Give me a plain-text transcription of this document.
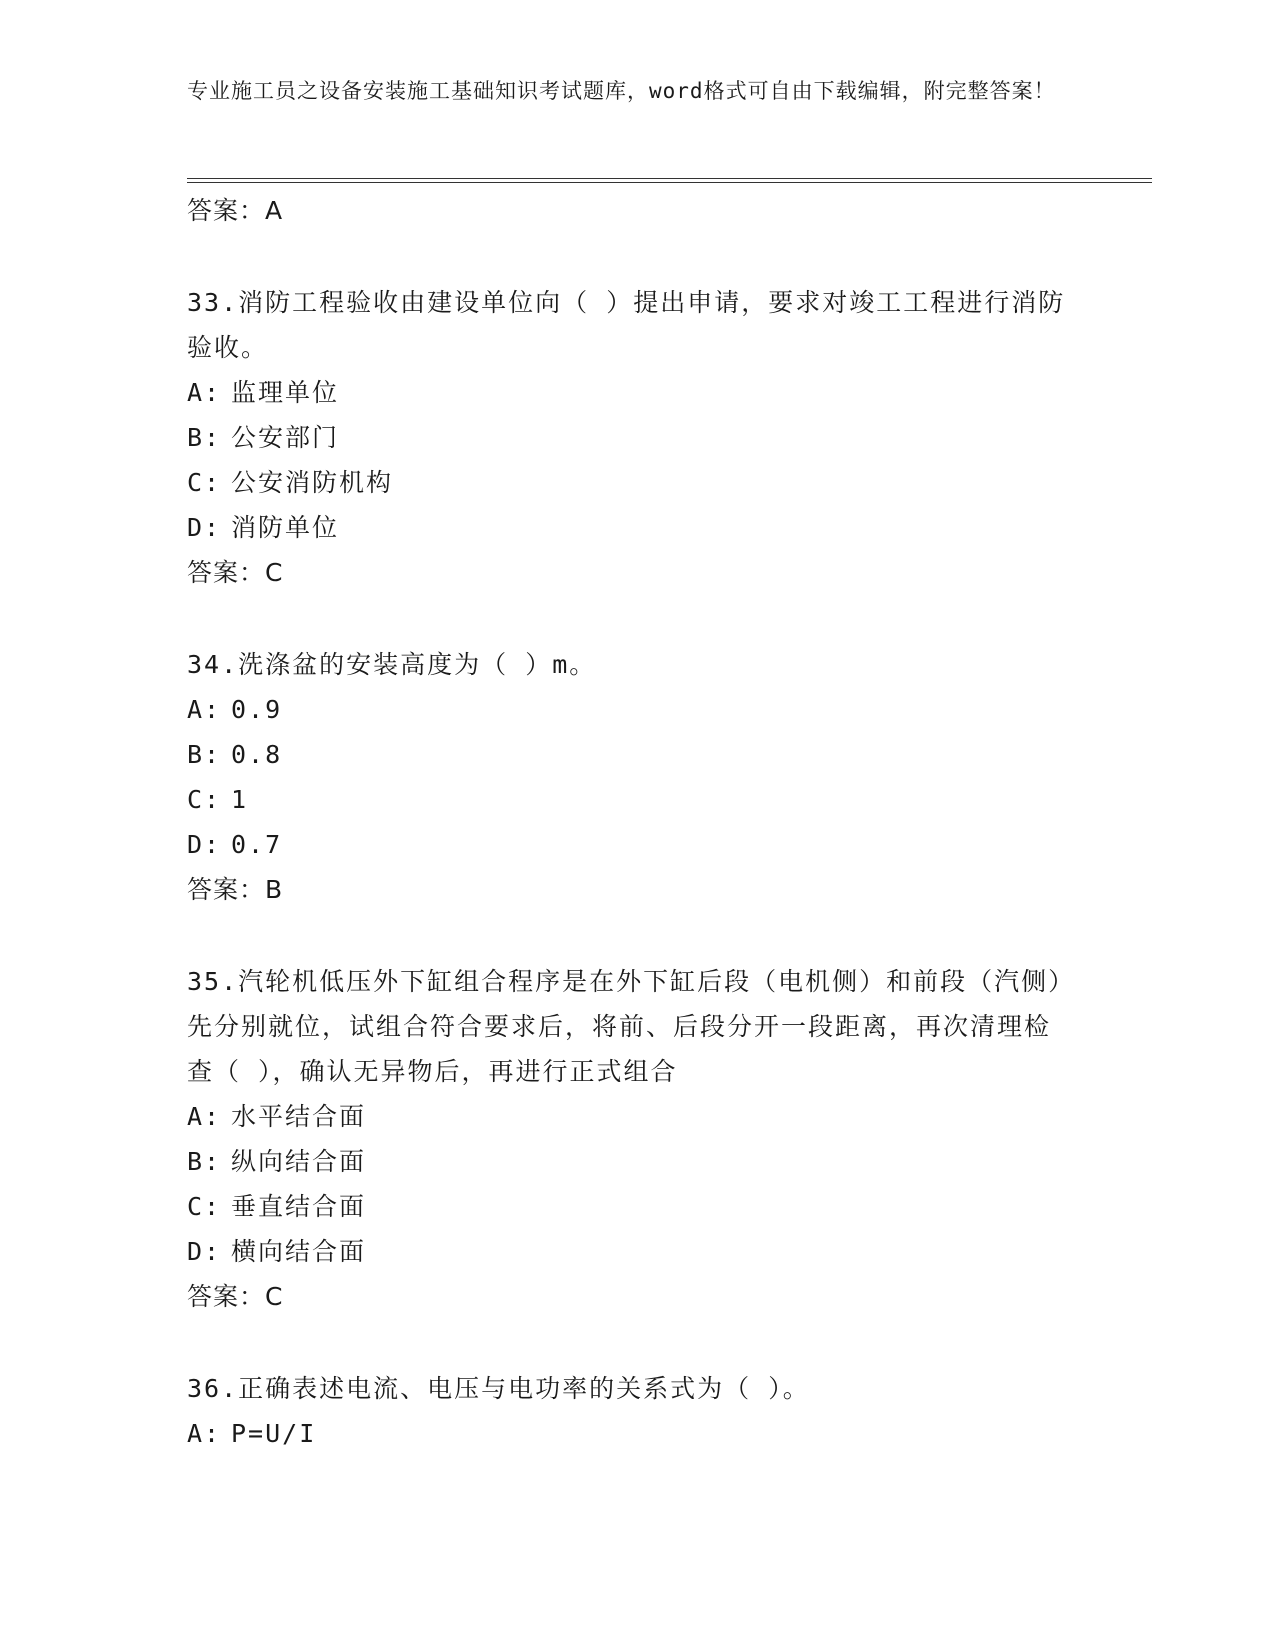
专业施工员之设备安装施工基础知识考试题库，word格式可自由下载编辑，附完整答案！
答案：A
33.消防工程验收由建设单位向（ ）提出申请，要求对竣工工程进行消防验收。
A: 监理单位
B: 公安部门
C: 公安消防机构
D: 消防单位
答案：C
34.洗涤盆的安装高度为（ ）m。
A: 0.9
B: 0.8
C: 1
D: 0.7
答案：B
35.汽轮机低压外下缸组合程序是在外下缸后段（电机侧）和前段（汽侧）先分别就位，试组合符合要求后，将前、后段分开一段距离，再次清理检查（ ），确认无异物后，再进行正式组合
A: 水平结合面
B: 纵向结合面
C: 垂直结合面
D: 横向结合面
答案：C
36.正确表述电流、电压与电功率的关系式为（ ）。
A: P=U/I
